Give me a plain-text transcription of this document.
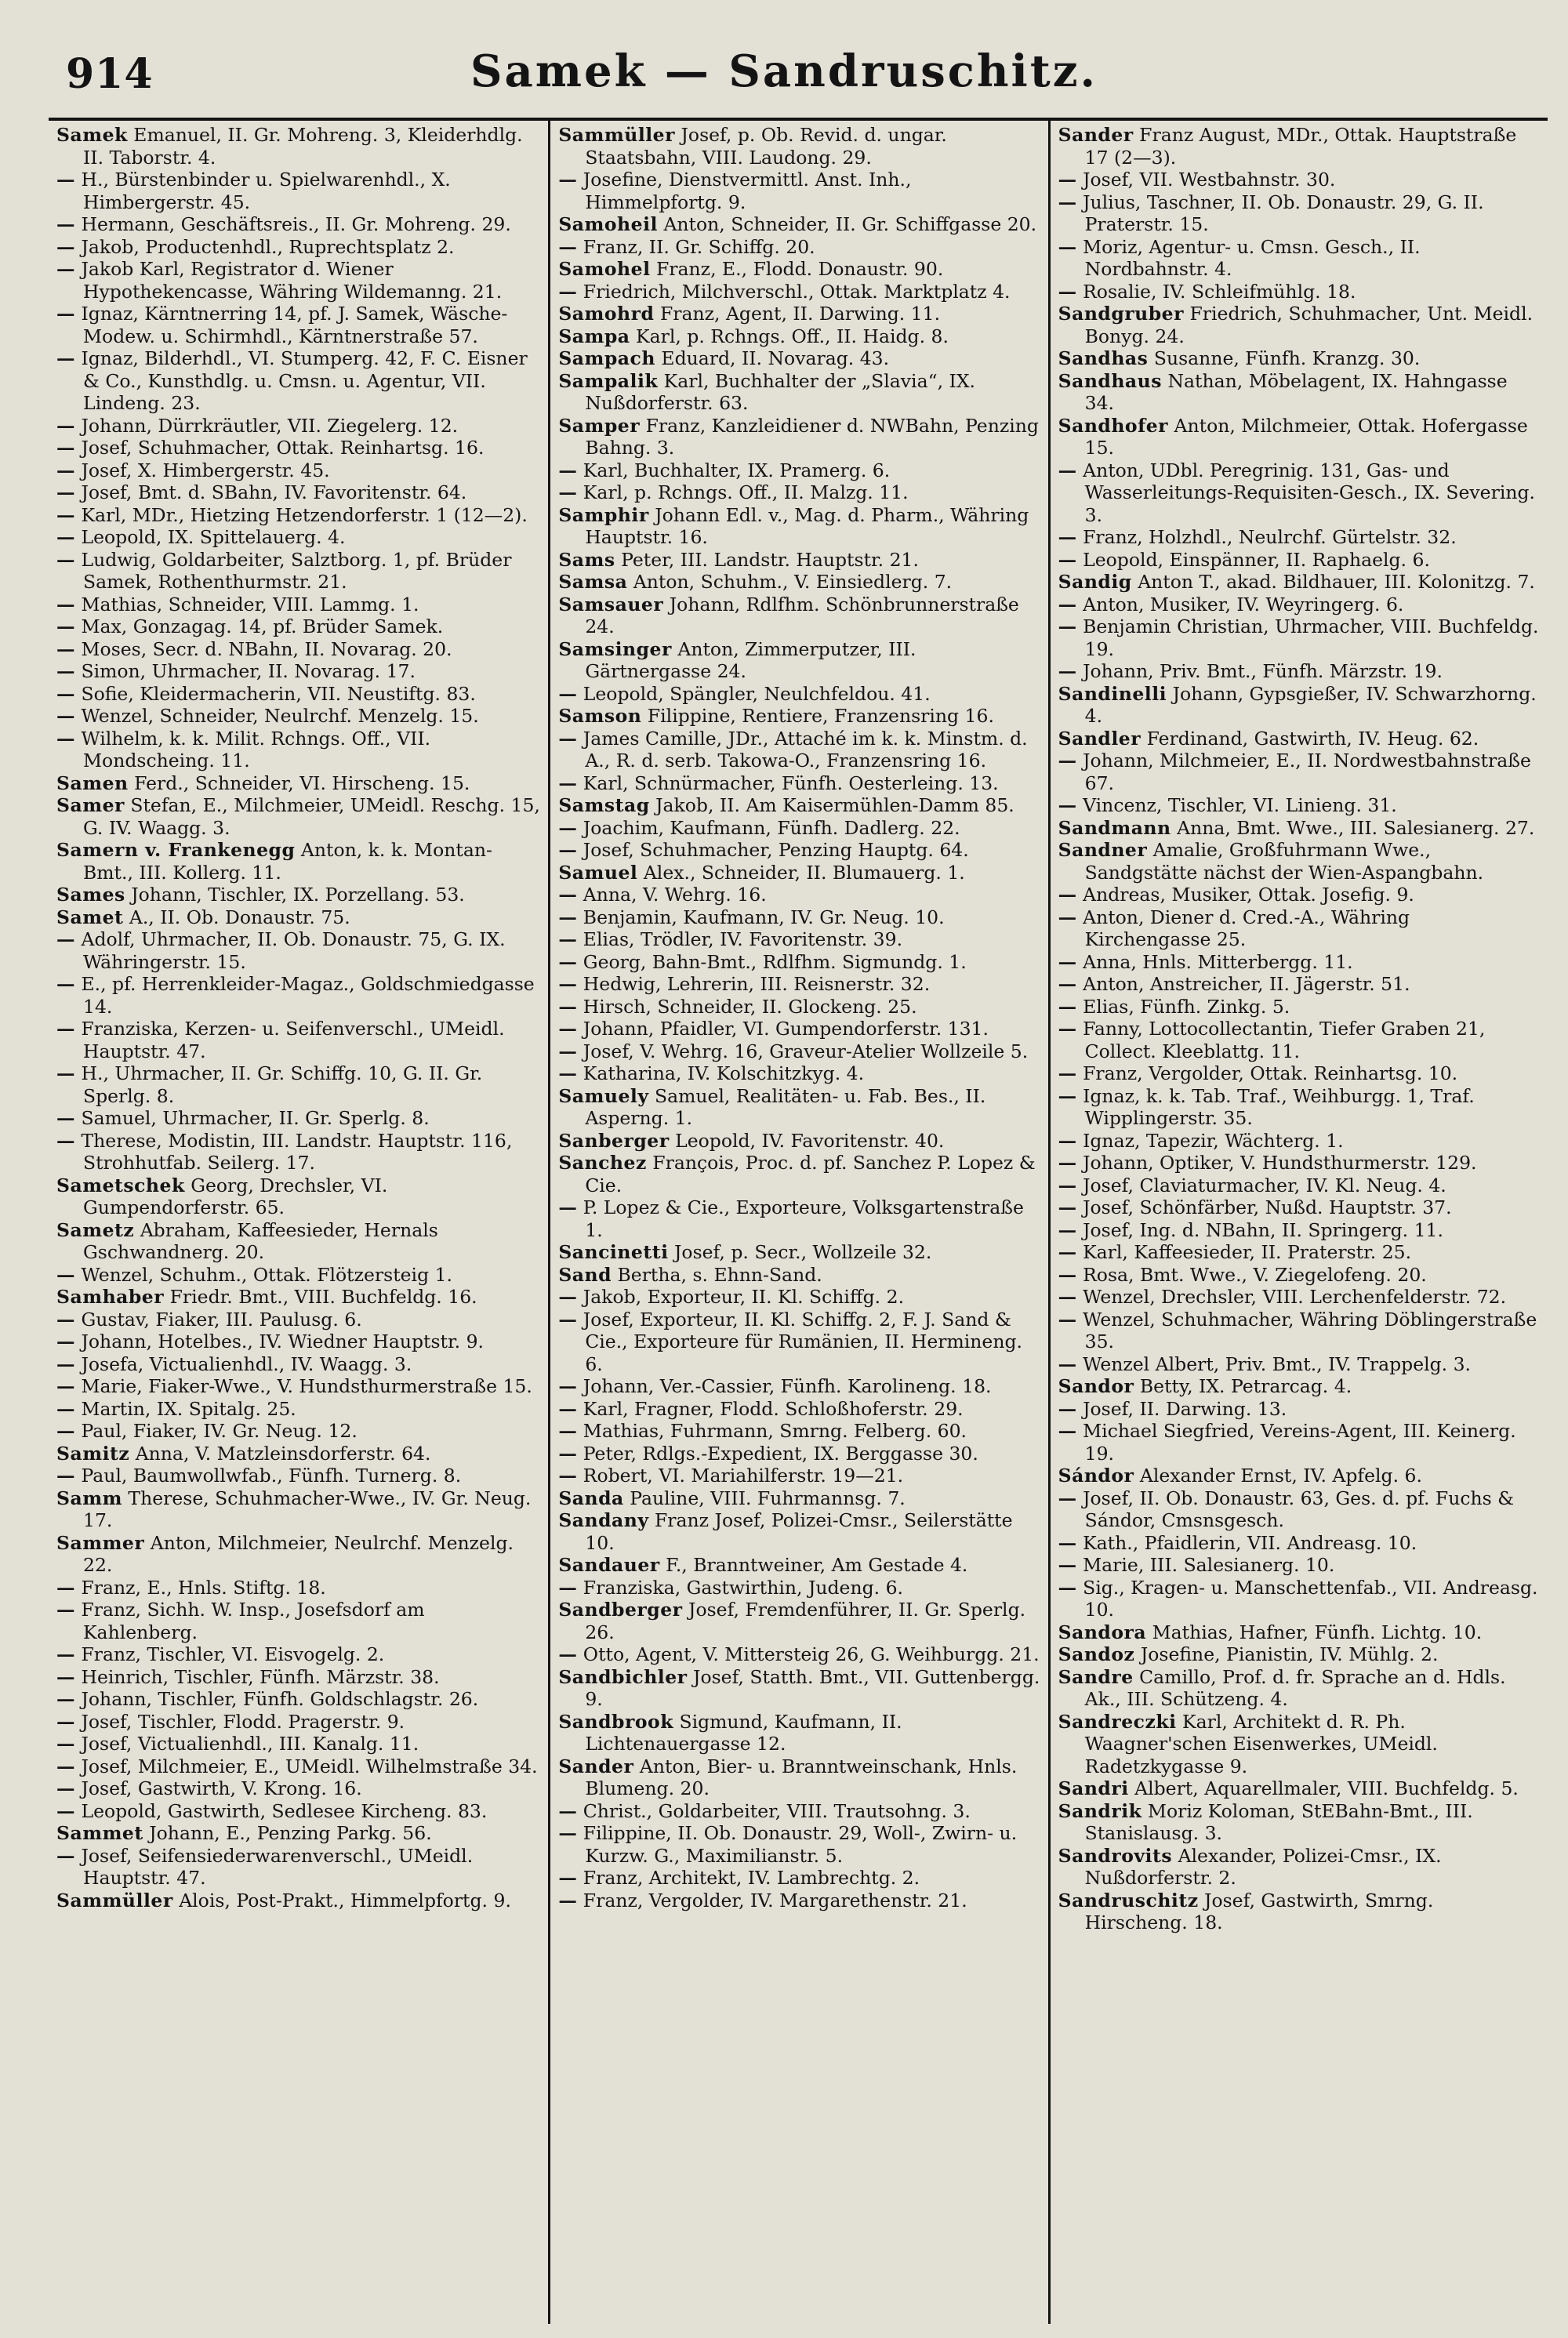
914	Samek — Sandruschitz.

Samek Emanuel, II. Gr. Mohreng. 3, Kleiderhdlg. II. Taborstr. 4.

— H., Bürstenbinder u. Spielwarenhdl., X. Himbergerstr. 45.

— Hermann, Geschäftsreis., II. Gr. Mohreng. 29.

— Jakob, Productenhdl., Ruprechtsplatz 2.

— Jakob Karl, Registrator d. Wiener Hypothekencasse, Währing Wildemanng. 21.

— Ignaz, Kärntnerring 14, pf. J. Samek, Wäsche-Modew. u. Schirmhdl., Kärntnerstraße 57.

— Ignaz, Bilderhdl., VI. Stumperg. 42, F. C. Eisner & Co., Kunsthdlg. u. Cmsn. u. Agentur, VII. Lindeng. 23.

— Johann, Dürrkräutler, VII. Ziegelerg. 12.

— Josef, Schuhmacher, Ottak. Reinhartsg. 16.

— Josef, X. Himbergerstr. 45.

— Josef, Bmt. d. SBahn, IV. Favoritenstr. 64.

— Karl, MDr., Hietzing Hetzendorferstr. 1 (12—2).

— Leopold, IX. Spittelauerg. 4.

— Ludwig, Goldarbeiter, Salztborg. 1, pf. Brüder Samek, Rothenthurmstr. 21.

— Mathias, Schneider, VIII. Lammg. 1.

— Max, Gonzagag. 14, pf. Brüder Samek.

— Moses, Secr. d. NBahn, II. Novarag. 20.

— Simon, Uhrmacher, II. Novarag. 17.

— Sofie, Kleidermacherin, VII. Neustiftg. 83.

— Wenzel, Schneider, Neulrchf. Menzelg. 15.

— Wilhelm, k. k. Milit. Rchngs. Off., VII. Mondscheing. 11.

Samen Ferd., Schneider, VI. Hirscheng. 15.

Samer Stefan, E., Milchmeier, UMeidl. Reschg. 15, G. IV. Waagg. 3.

Samern v. Frankenegg Anton, k. k. Montan-Bmt., III. Kollerg. 11.

Sames Johann, Tischler, IX. Porzellang. 53.

Samet A., II. Ob. Donaustr. 75.

— Adolf, Uhrmacher, II. Ob. Donaustr. 75, G. IX. Währingerstr. 15.

— E., pf. Herrenkleider-Magaz., Goldschmiedgasse 14.

— Franziska, Kerzen- u. Seifenverschl., UMeidl. Hauptstr. 47.

— H., Uhrmacher, II. Gr. Schiffg. 10, G. II. Gr. Sperlg. 8.

— Samuel, Uhrmacher, II. Gr. Sperlg. 8.

— Therese, Modistin, III. Landstr. Hauptstr. 116, Strohhutfab. Seilerg. 17.

Sametschek Georg, Drechsler, VI. Gumpendorferstr. 65.

Sametz Abraham, Kaffeesieder, Hernals Gschwandnerg. 20.

— Wenzel, Schuhm., Ottak. Flötzersteig 1.

Samhaber Friedr. Bmt., VIII. Buchfeldg. 16.

— Gustav, Fiaker, III. Paulusg. 6.

— Johann, Hotelbes., IV. Wiedner Hauptstr. 9.

— Josefa, Victualienhdl., IV. Waagg. 3.

— Marie, Fiaker-Wwe., V. Hundsthurmerstraße 15.

— Martin, IX. Spitalg. 25.

— Paul, Fiaker, IV. Gr. Neug. 12.

Samitz Anna, V. Matzleinsdorferstr. 64.

— Paul, Baumwollwfab., Fünfh. Turnerg. 8.

Samm Therese, Schuhmacher-Wwe., IV. Gr. Neug. 17.

Sammer Anton, Milchmeier, Neulrchf. Menzelg. 22.

— Franz, E., Hnls. Stiftg. 18.

— Franz, Sichh. W. Insp., Josefsdorf am Kahlenberg.

— Franz, Tischler, VI. Eisvogelg. 2.

— Heinrich, Tischler, Fünfh. Märzstr. 38.

— Johann, Tischler, Fünfh. Goldschlagstr. 26.

— Josef, Tischler, Flodd. Pragerstr. 9.

— Josef, Victualienhdl., III. Kanalg. 11.

— Josef, Milchmeier, E., UMeidl. Wilhelmstraße 34.

— Josef, Gastwirth, V. Krong. 16.

— Leopold, Gastwirth, Sedlesee Kircheng. 83.

Sammet Johann, E., Penzing Parkg. 56.

— Josef, Seifensiederwarenverschl., UMeidl. Hauptstr. 47.

Sammüller Alois, Post-Prakt., Himmelpfortg. 9.

Sammüller Josef, p. Ob. Revid. d. ungar. Staatsbahn, VIII. Laudong. 29.

— Josefine, Dienstvermittl. Anst. Inh., Himmelpfortg. 9.

Samoheil Anton, Schneider, II. Gr. Schiffgasse 20.

— Franz, II. Gr. Schiffg. 20.

Samohel Franz, E., Flodd. Donaustr. 90.

— Friedrich, Milchverschl., Ottak. Marktplatz 4.

Samohrd Franz, Agent, II. Darwing. 11.

Sampa Karl, p. Rchngs. Off., II. Haidg. 8.

Sampach Eduard, II. Novarag. 43.

Sampalik Karl, Buchhalter der „Slavia“, IX. Nußdorferstr. 63.

Samper Franz, Kanzleidiener d. NWBahn, Penzing Bahng. 3.

— Karl, Buchhalter, IX. Pramerg. 6.

— Karl, p. Rchngs. Off., II. Malzg. 11.

Samphir Johann Edl. v., Mag. d. Pharm., Währing Hauptstr. 16.

Sams Peter, III. Landstr. Hauptstr. 21.

Samsa Anton, Schuhm., V. Einsiedlerg. 7.

Samsauer Johann, Rdlfhm. Schönbrunnerstraße 24.

Samsinger Anton, Zimmerputzer, III. Gärtnergasse 24.

— Leopold, Spängler, Neulchfeldou. 41.

Samson Filippine, Rentiere, Franzensring 16.

— James Camille, JDr., Attaché im k. k. Minstm. d. A., R. d. serb. Takowa-O., Franzensring 16.

— Karl, Schnürmacher, Fünfh. Oesterleing. 13.

Samstag Jakob, II. Am Kaisermühlen-Damm 85.

— Joachim, Kaufmann, Fünfh. Dadlerg. 22.

— Josef, Schuhmacher, Penzing Hauptg. 64.

Samuel Alex., Schneider, II. Blumauerg. 1.

— Anna, V. Wehrg. 16.

— Benjamin, Kaufmann, IV. Gr. Neug. 10.

— Elias, Trödler, IV. Favoritenstr. 39.

— Georg, Bahn-Bmt., Rdlfhm. Sigmundg. 1.

— Hedwig, Lehrerin, III. Reisnerstr. 32.

— Hirsch, Schneider, II. Glockeng. 25.

— Johann, Pfaidler, VI. Gumpendorferstr. 131.

— Josef, V. Wehrg. 16, Graveur-Atelier Wollzeile 5.

— Katharina, IV. Kolschitzkyg. 4.

Samuely Samuel, Realitäten- u. Fab. Bes., II. Asperng. 1.

Sanberger Leopold, IV. Favoritenstr. 40.

Sanchez François, Proc. d. pf. Sanchez P. Lopez & Cie.

— P. Lopez & Cie., Exporteure, Volksgartenstraße 1.

Sancinetti Josef, p. Secr., Wollzeile 32.

Sand Bertha, s. Ehnn-Sand.

— Jakob, Exporteur, II. Kl. Schiffg. 2.

— Josef, Exporteur, II. Kl. Schiffg. 2, F. J. Sand & Cie., Exporteure für Rumänien, II. Hermineng. 6.

— Johann, Ver.-Cassier, Fünfh. Karolineng. 18.

— Karl, Fragner, Flodd. Schloßhoferstr. 29.

— Mathias, Fuhrmann, Smrng. Felberg. 60.

— Peter, Rdlgs.-Expedient, IX. Berggasse 30.

— Robert, VI. Mariahilferstr. 19—21.

Sanda Pauline, VIII. Fuhrmannsg. 7.

Sandany Franz Josef, Polizei-Cmsr., Seilerstätte 10.

Sandauer F., Branntweiner, Am Gestade 4.

— Franziska, Gastwirthin, Judeng. 6.

Sandberger Josef, Fremdenführer, II. Gr. Sperlg. 26.

— Otto, Agent, V. Mittersteig 26, G. Weihburgg. 21.

Sandbichler Josef, Statth. Bmt., VII. Guttenbergg. 9.

Sandbrook Sigmund, Kaufmann, II. Lichtenauergasse 12.

Sander Anton, Bier- u. Branntweinschank, Hnls. Blumeng. 20.

— Christ., Goldarbeiter, VIII. Trautsohng. 3.

— Filippine, II. Ob. Donaustr. 29, Woll-, Zwirn- u. Kurzw. G., Maximilianstr. 5.

— Franz, Architekt, IV. Lambrechtg. 2.

— Franz, Vergolder, IV. Margarethenstr. 21.

Sander Franz August, MDr., Ottak. Hauptstraße 17 (2—3).

— Josef, VII. Westbahnstr. 30.

— Julius, Taschner, II. Ob. Donaustr. 29, G. II. Praterstr. 15.

— Moriz, Agentur- u. Cmsn. Gesch., II. Nordbahnstr. 4.

— Rosalie, IV. Schleifmühlg. 18.

Sandgruber Friedrich, Schuhmacher, Unt. Meidl. Bonyg. 24.

Sandhas Susanne, Fünfh. Kranzg. 30.

Sandhaus Nathan, Möbelagent, IX. Hahngasse 34.

Sandhofer Anton, Milchmeier, Ottak. Hofergasse 15.

— Anton, UDbl. Peregrinig. 131, Gas- und Wasserleitungs-Requisiten-Gesch., IX. Severing. 3.

— Franz, Holzhdl., Neulrchf. Gürtelstr. 32.

— Leopold, Einspänner, II. Raphaelg. 6.

Sandig Anton T., akad. Bildhauer, III. Kolonitzg. 7.

— Anton, Musiker, IV. Weyringerg. 6.

— Benjamin Christian, Uhrmacher, VIII. Buchfeldg. 19.

— Johann, Priv. Bmt., Fünfh. Märzstr. 19.

Sandinelli Johann, Gypsgießer, IV. Schwarzhorng. 4.

Sandler Ferdinand, Gastwirth, IV. Heug. 62.

— Johann, Milchmeier, E., II. Nordwestbahnstraße 67.

— Vincenz, Tischler, VI. Linieng. 31.

Sandmann Anna, Bmt. Wwe., III. Salesianerg. 27.

Sandner Amalie, Großfuhrmann Wwe., Sandgstätte nächst der Wien-Aspangbahn.

— Andreas, Musiker, Ottak. Josefig. 9.

— Anton, Diener d. Cred.-A., Währing Kirchengasse 25.

— Anna, Hnls. Mitterbergg. 11.

— Anton, Anstreicher, II. Jägerstr. 51.

— Elias, Fünfh. Zinkg. 5.

— Fanny, Lottocollectantin, Tiefer Graben 21, Collect. Kleeblattg. 11.

— Franz, Vergolder, Ottak. Reinhartsg. 10.

— Ignaz, k. k. Tab. Traf., Weihburgg. 1, Traf. Wipplingerstr. 35.

— Ignaz, Tapezir, Wächterg. 1.

— Johann, Optiker, V. Hundsthurmerstr. 129.

— Josef, Claviaturmacher, IV. Kl. Neug. 4.

— Josef, Schönfärber, Nußd. Hauptstr. 37.

— Josef, Ing. d. NBahn, II. Springerg. 11.

— Karl, Kaffeesieder, II. Praterstr. 25.

— Rosa, Bmt. Wwe., V. Ziegelofeng. 20.

— Wenzel, Drechsler, VIII. Lerchenfelderstr. 72.

— Wenzel, Schuhmacher, Währing Döblingerstraße 35.

— Wenzel Albert, Priv. Bmt., IV. Trappelg. 3.

Sandor Betty, IX. Petrarcag. 4.

— Josef, II. Darwing. 13.

— Michael Siegfried, Vereins-Agent, III. Keinerg. 19.

Sándor Alexander Ernst, IV. Apfelg. 6.

— Josef, II. Ob. Donaustr. 63, Ges. d. pf. Fuchs & Sándor, Cmsnsgesch.

— Kath., Pfaidlerin, VII. Andreasg. 10.

— Marie, III. Salesianerg. 10.

— Sig., Kragen- u. Manschettenfab., VII. Andreasg. 10.

Sandora Mathias, Hafner, Fünfh. Lichtg. 10.

Sandoz Josefine, Pianistin, IV. Mühlg. 2.

Sandre Camillo, Prof. d. fr. Sprache an d. Hdls. Ak., III. Schützeng. 4.

Sandreczki Karl, Architekt d. R. Ph. Waagner'schen Eisenwerkes, UMeidl. Radetzkygasse 9.

Sandri Albert, Aquarellmaler, VIII. Buchfeldg. 5.

Sandrik Moriz Koloman, StEBahn-Bmt., III. Stanislausg. 3.

Sandrovits Alexander, Polizei-Cmsr., IX. Nußdorferstr. 2.

Sandruschitz Josef, Gastwirth, Smrng. Hirscheng. 18.
